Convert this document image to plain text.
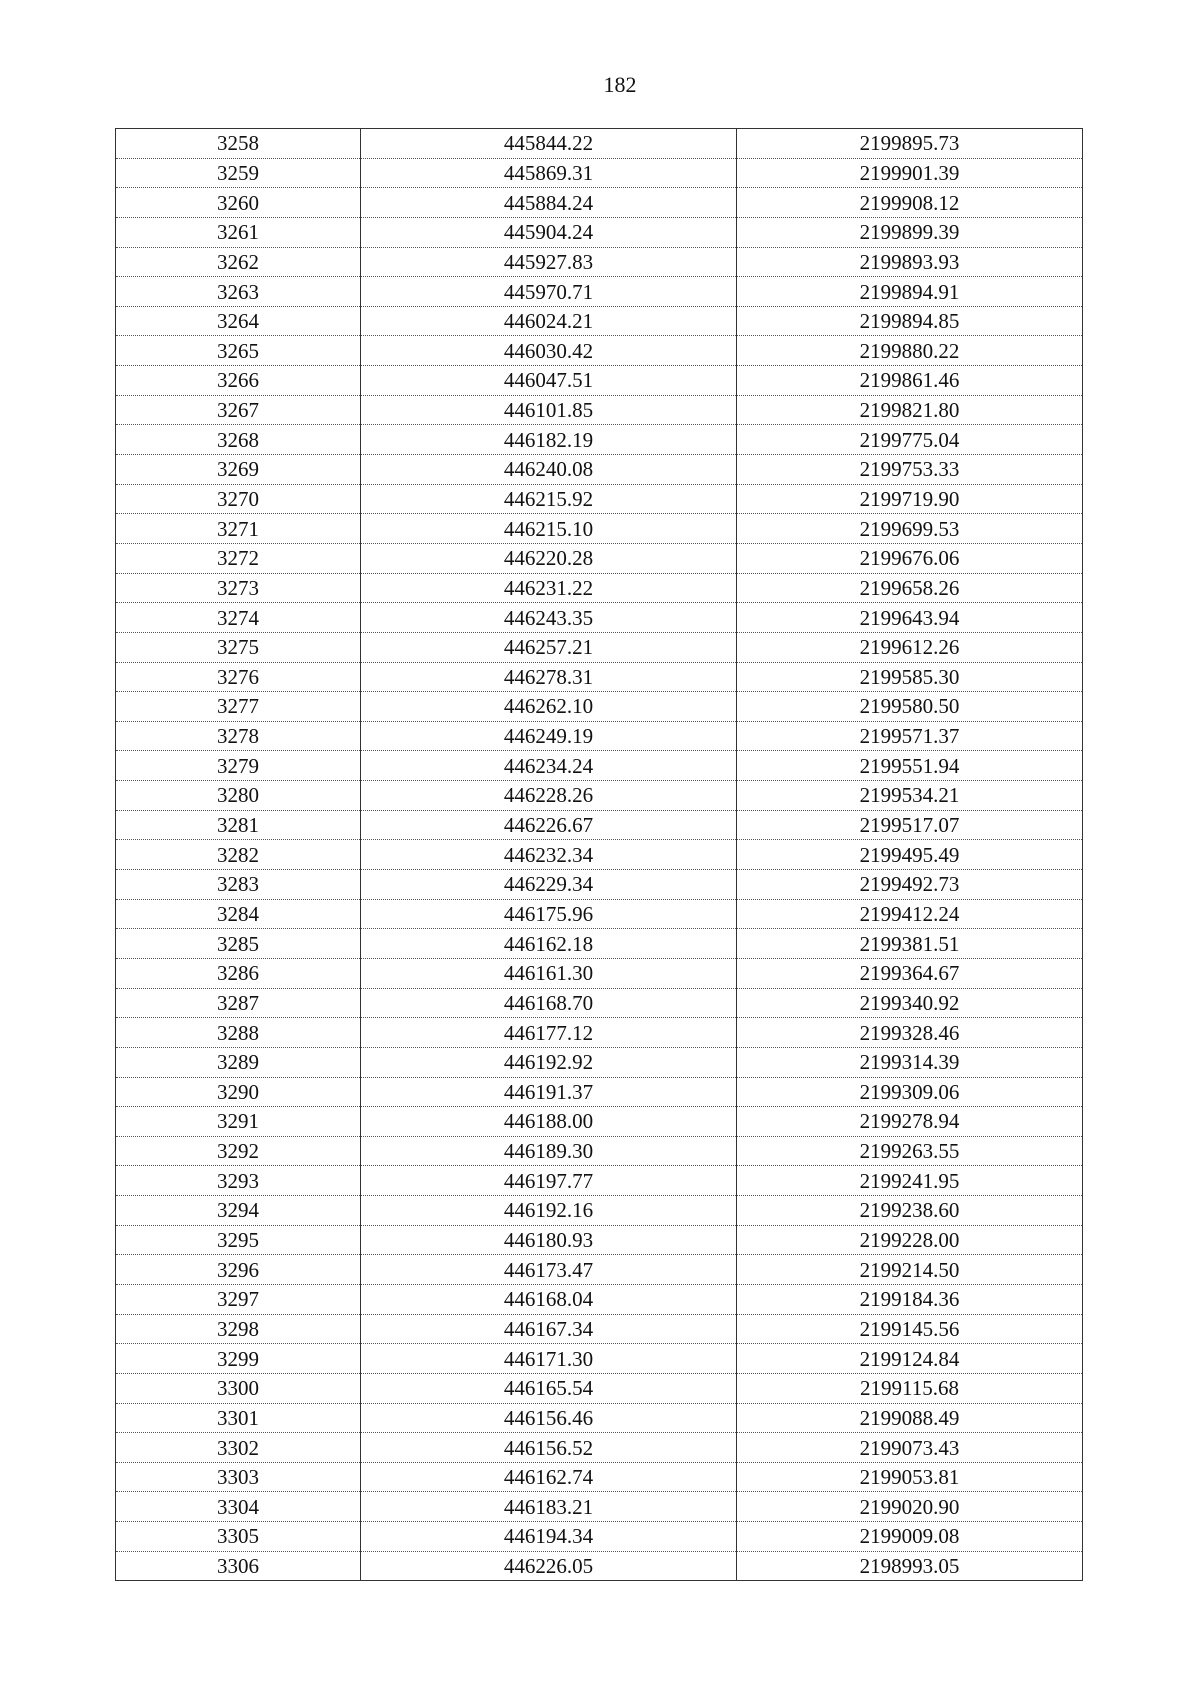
182
3258	445844.22	2199895.73
3259	445869.31	2199901.39
3260	445884.24	2199908.12
3261	445904.24	2199899.39
3262	445927.83	2199893.93
3263	445970.71	2199894.91
3264	446024.21	2199894.85
3265	446030.42	2199880.22
3266	446047.51	2199861.46
3267	446101.85	2199821.80
3268	446182.19	2199775.04
3269	446240.08	2199753.33
3270	446215.92	2199719.90
3271	446215.10	2199699.53
3272	446220.28	2199676.06
3273	446231.22	2199658.26
3274	446243.35	2199643.94
3275	446257.21	2199612.26
3276	446278.31	2199585.30
3277	446262.10	2199580.50
3278	446249.19	2199571.37
3279	446234.24	2199551.94
3280	446228.26	2199534.21
3281	446226.67	2199517.07
3282	446232.34	2199495.49
3283	446229.34	2199492.73
3284	446175.96	2199412.24
3285	446162.18	2199381.51
3286	446161.30	2199364.67
3287	446168.70	2199340.92
3288	446177.12	2199328.46
3289	446192.92	2199314.39
3290	446191.37	2199309.06
3291	446188.00	2199278.94
3292	446189.30	2199263.55
3293	446197.77	2199241.95
3294	446192.16	2199238.60
3295	446180.93	2199228.00
3296	446173.47	2199214.50
3297	446168.04	2199184.36
3298	446167.34	2199145.56
3299	446171.30	2199124.84
3300	446165.54	2199115.68
3301	446156.46	2199088.49
3302	446156.52	2199073.43
3303	446162.74	2199053.81
3304	446183.21	2199020.90
3305	446194.34	2199009.08
3306	446226.05	2198993.05
